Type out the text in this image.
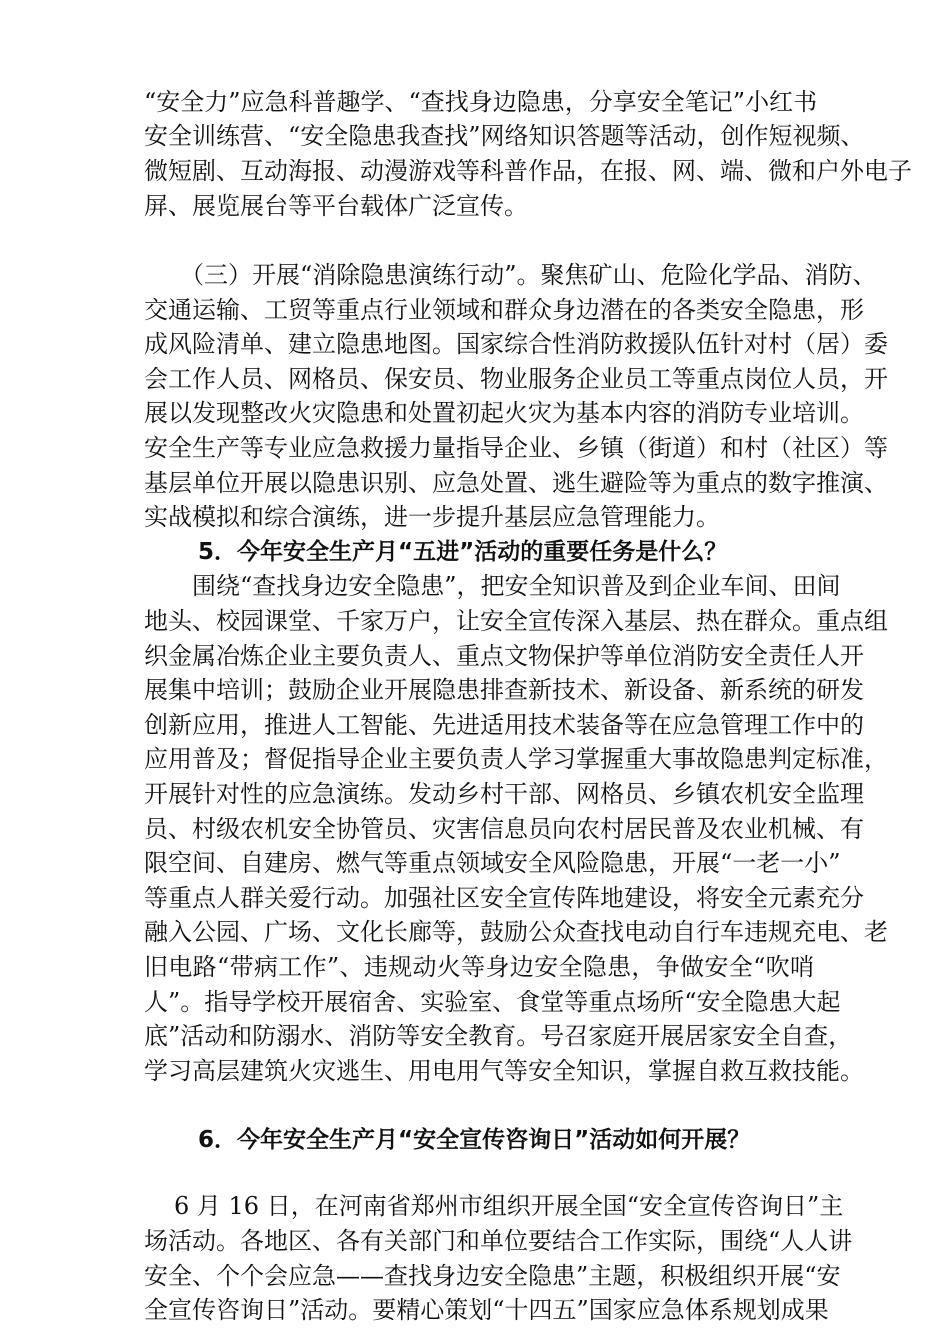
“安全力”应急科普趣学、“查找身边隐患，分享安全笔记”小红书
安全训练营、“安全隐患我查找”网络知识答题等活动，创作短视频、
微短剧、互动海报、动漫游戏等科普作品，在报、网、端、微和户外电子
屏、展览展台等平台载体广泛宣传。
（三）开展“消除隐患演练行动”。聚焦矿山、危险化学品、消防、
交通运输、工贸等重点行业领域和群众身边潜在的各类安全隐患，形
成风险清单、建立隐患地图。国家综合性消防救援队伍针对村（居）委
会工作人员、网格员、保安员、物业服务企业员工等重点岗位人员，开
展以发现整改火灾隐患和处置初起火灾为基本内容的消防专业培训。
安全生产等专业应急救援力量指导企业、乡镇（街道）和村（社区）等
基层单位开展以隐患识别、应急处置、逃生避险等为重点的数字推演、
实战模拟和综合演练，进一步提升基层应急管理能力。
5．今年安全生产月“五进”活动的重要任务是什么？
围绕“查找身边安全隐患”，把安全知识普及到企业车间、田间
地头、校园课堂、千家万户，让安全宣传深入基层、热在群众。重点组
织金属冶炼企业主要负责人、重点文物保护等单位消防安全责任人开
展集中培训；鼓励企业开展隐患排查新技术、新设备、新系统的研发
创新应用，推进人工智能、先进适用技术装备等在应急管理工作中的
应用普及；督促指导企业主要负责人学习掌握重大事故隐患判定标准，
开展针对性的应急演练。发动乡村干部、网格员、乡镇农机安全监理
员、村级农机安全协管员、灾害信息员向农村居民普及农业机械、有
限空间、自建房、燃气等重点领域安全风险隐患，开展“一老一小”
等重点人群关爱行动。加强社区安全宣传阵地建设，将安全元素充分
融入公园、广场、文化长廊等，鼓励公众查找电动自行车违规充电、老
旧电路“带病工作”、违规动火等身边安全隐患，争做安全“吹哨
人”。指导学校开展宿舍、实验室、食堂等重点场所“安全隐患大起
底”活动和防溺水、消防等安全教育。号召家庭开展居家安全自查，
学习高层建筑火灾逃生、用电用气等安全知识，掌握自救互救技能。
6．今年安全生产月“安全宣传咨询日”活动如何开展？
6 月 16 日，在河南省郑州市组织开展全国“安全宣传咨询日”主
场活动。各地区、各有关部门和单位要结合工作实际，围绕“人人讲
安全、个个会应急——查找身边安全隐患”主题，积极组织开展“安
全宣传咨询日”活动。要精心策划“十四五”国家应急体系规划成果
